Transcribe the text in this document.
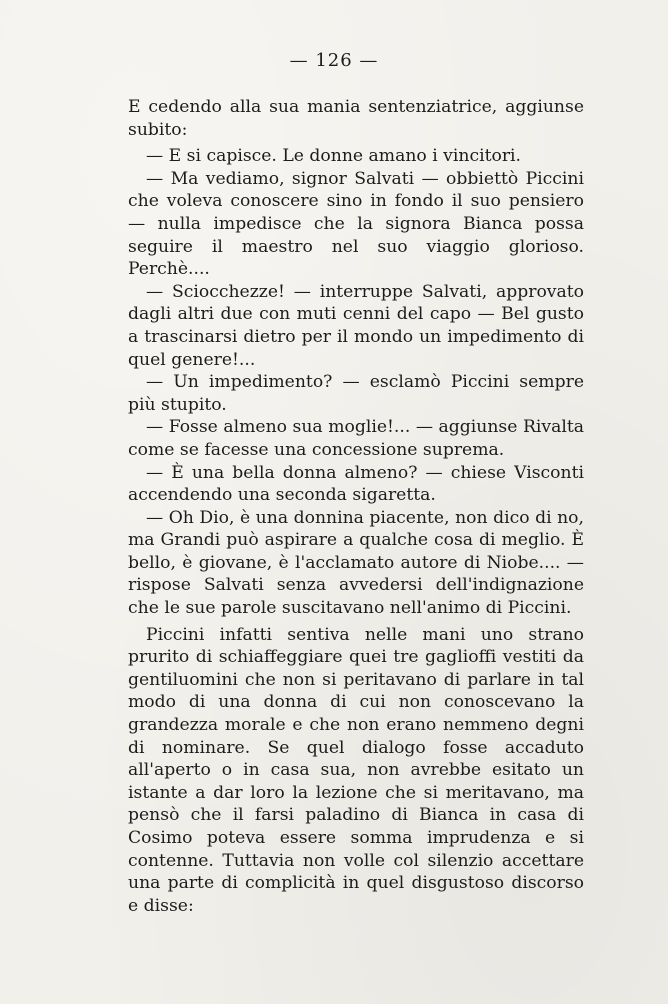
— 126 —

E cedendo alla sua mania sentenziatrice, aggiunse subito:

— E si capisce. Le donne amano i vincitori.

— Ma vediamo, signor Salvati — obbiettò Piccini che voleva conoscere sino in fondo il suo pensiero — nulla impedisce che la signora Bianca possa seguire il maestro nel suo viaggio glorioso. Perchè....

— Sciocchezze! — interruppe Salvati, approvato dagli altri due con muti cenni del capo — Bel gusto a trascinarsi dietro per il mondo un impedimento di quel genere!...

— Un impedimento? — esclamò Piccini sempre più stupito.

— Fosse almeno sua moglie!... — aggiunse Rivalta come se facesse una concessione suprema.

— È una bella donna almeno? — chiese Visconti accendendo una seconda sigaretta.

— Oh Dio, è una donnina piacente, non dico di no, ma Grandi può aspirare a qualche cosa di meglio. È bello, è giovane, è l'acclamato autore di Niobe.... — rispose Salvati senza avvedersi dell'indignazione che le sue parole suscitavano nell'animo di Piccini.

Piccini infatti sentiva nelle mani uno strano prurito di schiaffeggiare quei tre gaglioffi vestiti da gentiluomini che non si peritavano di parlare in tal modo di una donna di cui non conoscevano la grandezza morale e che non erano nemmeno degni di nominare. Se quel dialogo fosse accaduto all'aperto o in casa sua, non avrebbe esitato un istante a dar loro la lezione che si meritavano, ma pensò che il farsi paladino di Bianca in casa di Cosimo poteva essere somma imprudenza e si contenne. Tuttavia non volle col silenzio accettare una parte di complicità in quel disgustoso discorso e disse:
